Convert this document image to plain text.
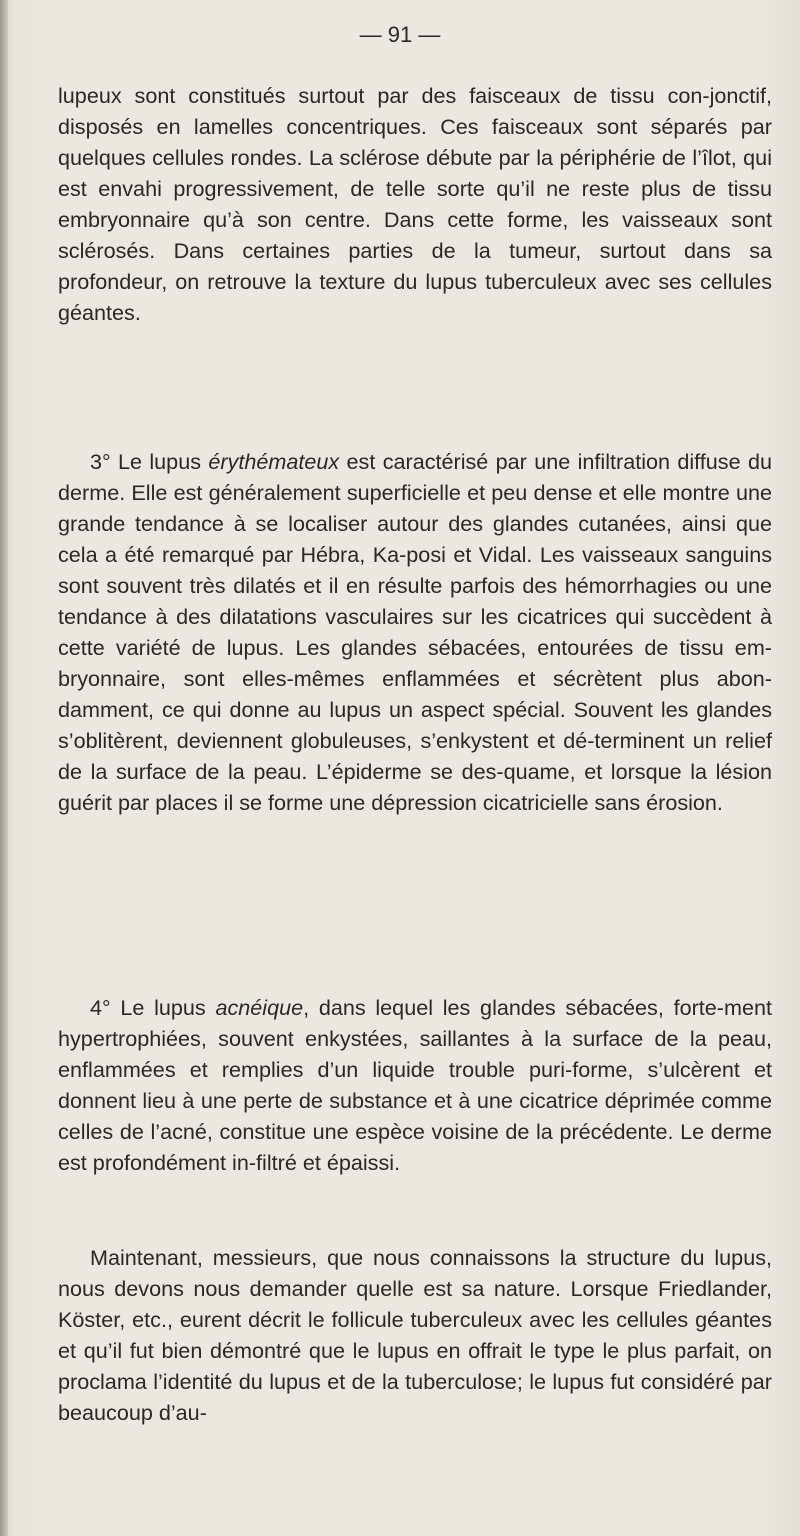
— 91 —

lupeux sont constitués surtout par des faisceaux de tissu con-jonctif, disposés en lamelles concentriques. Ces faisceaux sont séparés par quelques cellules rondes. La sclérose débute par la périphérie de l’îlot, qui est envahi progressivement, de telle sorte qu’il ne reste plus de tissu embryonnaire qu’à son centre. Dans cette forme, les vaisseaux sont sclérosés. Dans certaines parties de la tumeur, surtout dans sa profondeur, on retrouve la texture du lupus tuberculeux avec ses cellules géantes.

3° Le lupus érythémateux est caractérisé par une infiltration diffuse du derme. Elle est généralement superficielle et peu dense et elle montre une grande tendance à se localiser autour des glandes cutanées, ainsi que cela a été remarqué par Hébra, Ka-posi et Vidal. Les vaisseaux sanguins sont souvent très dilatés et il en résulte parfois des hémorrhagies ou une tendance à des dilatations vasculaires sur les cicatrices qui succèdent à cette variété de lupus. Les glandes sébacées, entourées de tissu em-bryonnaire, sont elles-mêmes enflammées et sécrètent plus abon-damment, ce qui donne au lupus un aspect spécial. Souvent les glandes s’oblitèrent, deviennent globuleuses, s’enkystent et dé-terminent un relief de la surface de la peau. L’épiderme se des-quame, et lorsque la lésion guérit par places il se forme une dépression cicatricielle sans érosion.

4° Le lupus acnéique, dans lequel les glandes sébacées, forte-ment hypertrophiées, souvent enkystées, saillantes à la surface de la peau, enflammées et remplies d’un liquide trouble puri-forme, s’ulcèrent et donnent lieu à une perte de substance et à une cicatrice déprimée comme celles de l’acné, constitue une espèce voisine de la précédente. Le derme est profondément in-filtré et épaissi.

Maintenant, messieurs, que nous connaissons la structure du lupus, nous devons nous demander quelle est sa nature. Lorsque Friedlander, Köster, etc., eurent décrit le follicule tuberculeux avec les cellules géantes et qu’il fut bien démontré que le lupus en offrait le type le plus parfait, on proclama l’identité du lupus et de la tuberculose; le lupus fut considéré par beaucoup d’au-
